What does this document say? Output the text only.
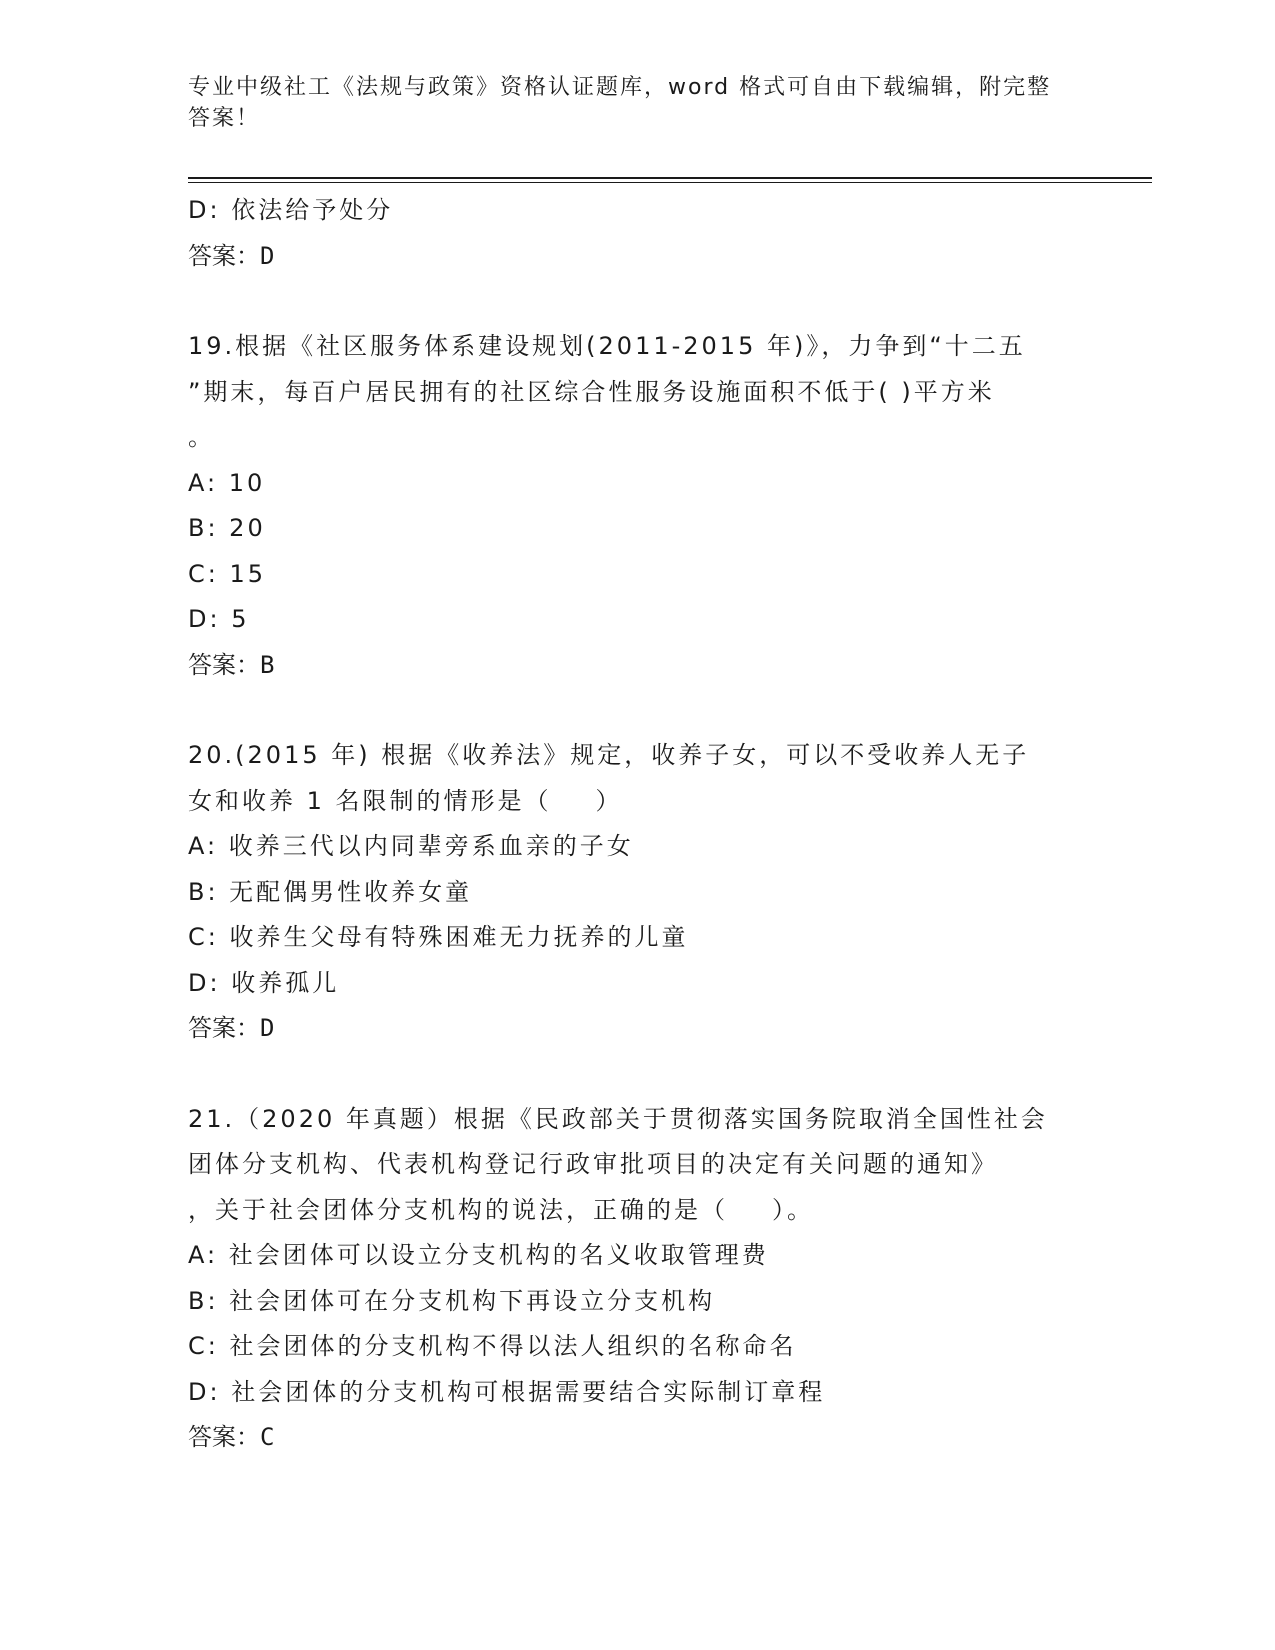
专业中级社工《法规与政策》资格认证题库，word 格式可自由下载编辑，附完整
答案！
D: 依法给予处分
答案：D
19.根据《社区服务体系建设规划(2011-2015 年)》，力争到“十二五
”期末，每百户居民拥有的社区综合性服务设施面积不低于( )平方米
。
A: 10
B: 20
C: 15
D: 5
答案：B
20.(2015 年) 根据《收养法》规定，收养子女，可以不受收养人无子
女和收养 1 名限制的情形是（ ）
A: 收养三代以内同辈旁系血亲的子女
B: 无配偶男性收养女童
C: 收养生父母有特殊困难无力抚养的儿童
D: 收养孤儿
答案：D
21.（2020 年真题）根据《民政部关于贯彻落实国务院取消全国性社会
团体分支机构、代表机构登记行政审批项目的决定有关问题的通知》
，关于社会团体分支机构的说法，正确的是（ ）。
A: 社会团体可以设立分支机构的名义收取管理费
B: 社会团体可在分支机构下再设立分支机构
C: 社会团体的分支机构不得以法人组织的名称命名
D: 社会团体的分支机构可根据需要结合实际制订章程
答案：C
